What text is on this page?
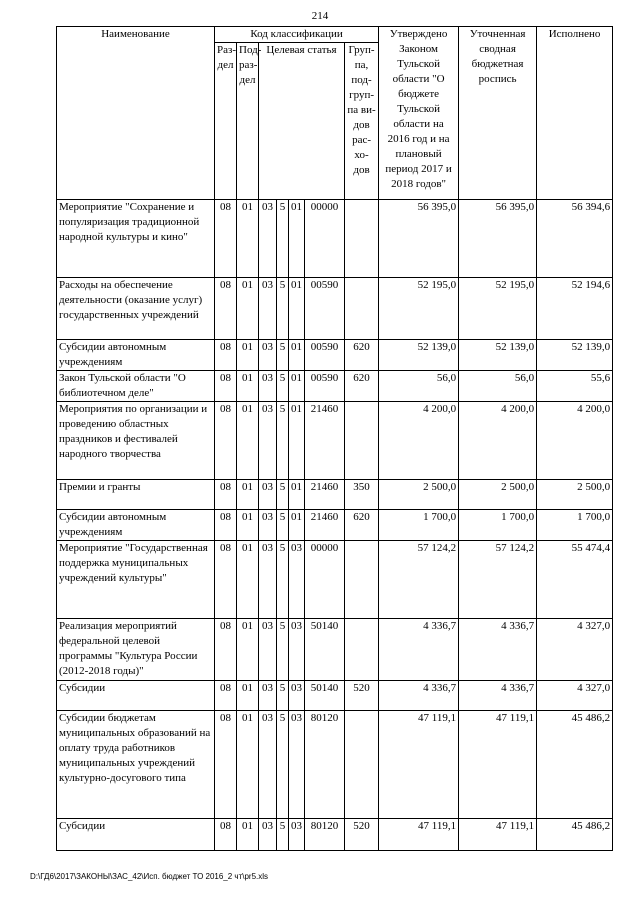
214
Наименование	Код классификации							Утверждено Законом Тульской области "О бюджете Тульской области на 2016 год и на плановый период 2017 и 2018 годов"	Уточненная сводная бюджетная роспись	Исполнено
	Раз-дел	Под-раз-дел	Целевая статья				Груп-па, под-груп-па ви-дов рас-хо-дов			
Мероприятие "Сохранение и популяризация традиционной народной культуры и кино"	08	01	03	5	01	00000		56 395,0	56 395,0	56 394,6
Расходы на обеспечение деятельности (оказание услуг) государственных учреждений	08	01	03	5	01	00590		52 195,0	52 195,0	52 194,6
Субсидии автономным учреждениям	08	01	03	5	01	00590	620	52 139,0	52 139,0	52 139,0
Закон Тульской области "О библиотечном деле"	08	01	03	5	01	00590	620	56,0	56,0	55,6
Мероприятия по организации и проведению областных праздников и фестивалей народного творчества	08	01	03	5	01	21460		4 200,0	4 200,0	4 200,0
Премии и гранты	08	01	03	5	01	21460	350	2 500,0	2 500,0	2 500,0
Субсидии автономным учреждениям	08	01	03	5	01	21460	620	1 700,0	1 700,0	1 700,0
Мероприятие "Государственная поддержка муниципальных учреждений культуры"	08	01	03	5	03	00000		57 124,2	57 124,2	55 474,4
Реализация мероприятий федеральной целевой программы "Культура России (2012-2018 годы)"	08	01	03	5	03	50140		4 336,7	4 336,7	4 327,0
Субсидии	08	01	03	5	03	50140	520	4 336,7	4 336,7	4 327,0
Субсидии бюджетам муниципальных образований на оплату труда работников муниципальных учреждений культурно-досугового типа	08	01	03	5	03	80120		47 119,1	47 119,1	45 486,2
Субсидии	08	01	03	5	03	80120	520	47 119,1	47 119,1	45 486,2
D:\ГД6\2017\ЗАКОНЫ\ЗАС_42\Исп. бюджет ТО 2016_2 чт\pr5.xls
